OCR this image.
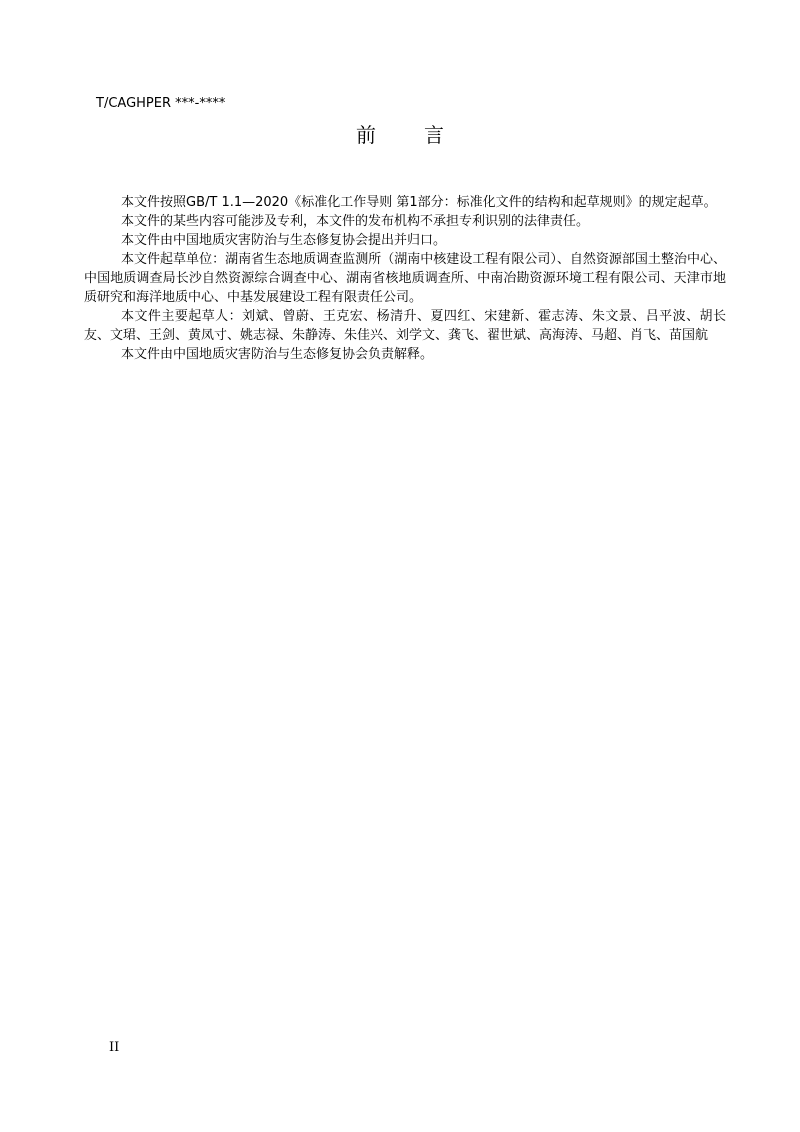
T/CAGHPER ***-****
前 言

本文件按照GB/T 1.1—2020《标准化工作导则 第1部分：标准化文件的结构和起草规则》的规定起草。

本文件的某些内容可能涉及专利，本文件的发布机构不承担专利识别的法律责任。

本文件由中国地质灾害防治与生态修复协会提出并归口。

本文件起草单位：湖南省生态地质调查监测所（湖南中核建设工程有限公司）、自然资源部国土整治中心、中国地质调查局长沙自然资源综合调查中心、湖南省核地质调查所、中南冶勘资源环境工程有限公司、天津市地质研究和海洋地质中心、中基发展建设工程有限责任公司。

本文件主要起草人：刘斌、曾蔚、王克宏、杨清升、夏四红、宋建新、霍志涛、朱文景、吕平波、胡长友、文珺、王剑、黄凤寸、姚志禄、朱静涛、朱佳兴、刘学文、龚飞、翟世斌、高海涛、马超、肖飞、苗国航

本文件由中国地质灾害防治与生态修复协会负责解释。

II
